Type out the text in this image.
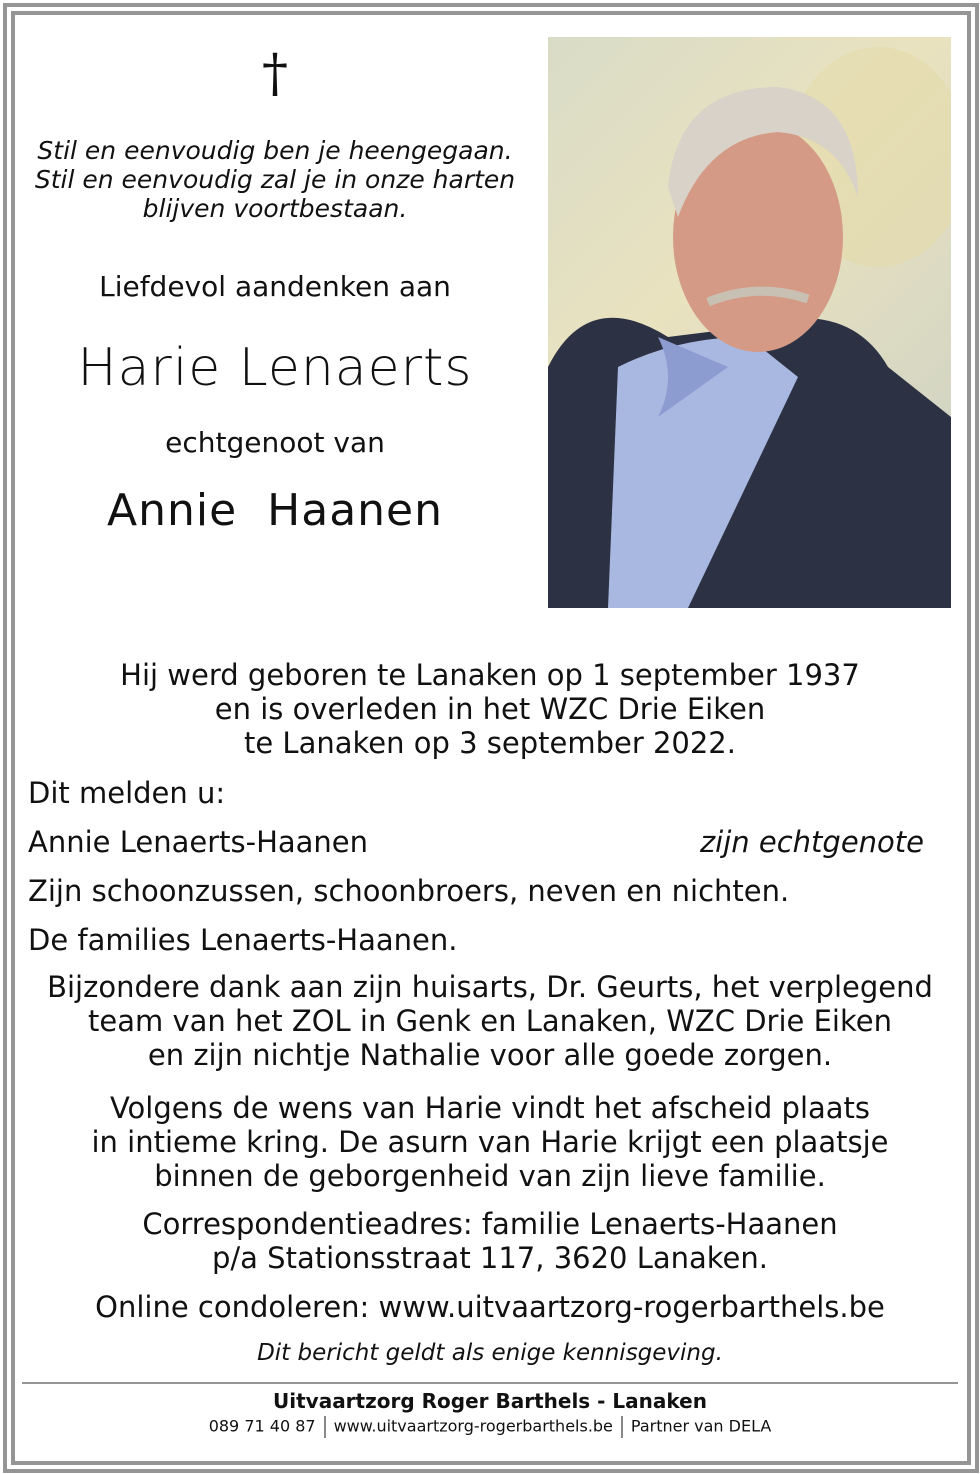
†
Stil en eenvoudig ben je heengegaan.
Stil en eenvoudig zal je in onze harten
blijven voortbestaan.
Liefdevol aandenken aan
Harie Lenaerts
echtgenoot van
Annie  Haanen
Hij werd geboren te Lanaken op 1 september 1937
en is overleden in het WZC Drie Eiken
te Lanaken op 3 september 2022.
Dit melden u:
Annie Lenaerts-Haanen	zijn echtgenote
Zijn schoonzussen, schoonbroers, neven en nichten.
De families Lenaerts-Haanen.
Bijzondere dank aan zijn huisarts, Dr. Geurts, het verplegend
team van het ZOL in Genk en Lanaken, WZC Drie Eiken
en zijn nichtje Nathalie voor alle goede zorgen.
Volgens de wens van Harie vindt het afscheid plaats
in intieme kring. De asurn van Harie krijgt een plaatsje
binnen de geborgenheid van zijn lieve familie.
Correspondentieadres: familie Lenaerts-Haanen
p/a Stationsstraat 117, 3620 Lanaken.
Online condoleren: www.uitvaartzorg-rogerbarthels.be
Dit bericht geldt als enige kennisgeving.
Uitvaartzorg Roger Barthels - Lanaken
089 71 40 87 www.uitvaartzorg-rogerbarthels.be Partner van DELA
